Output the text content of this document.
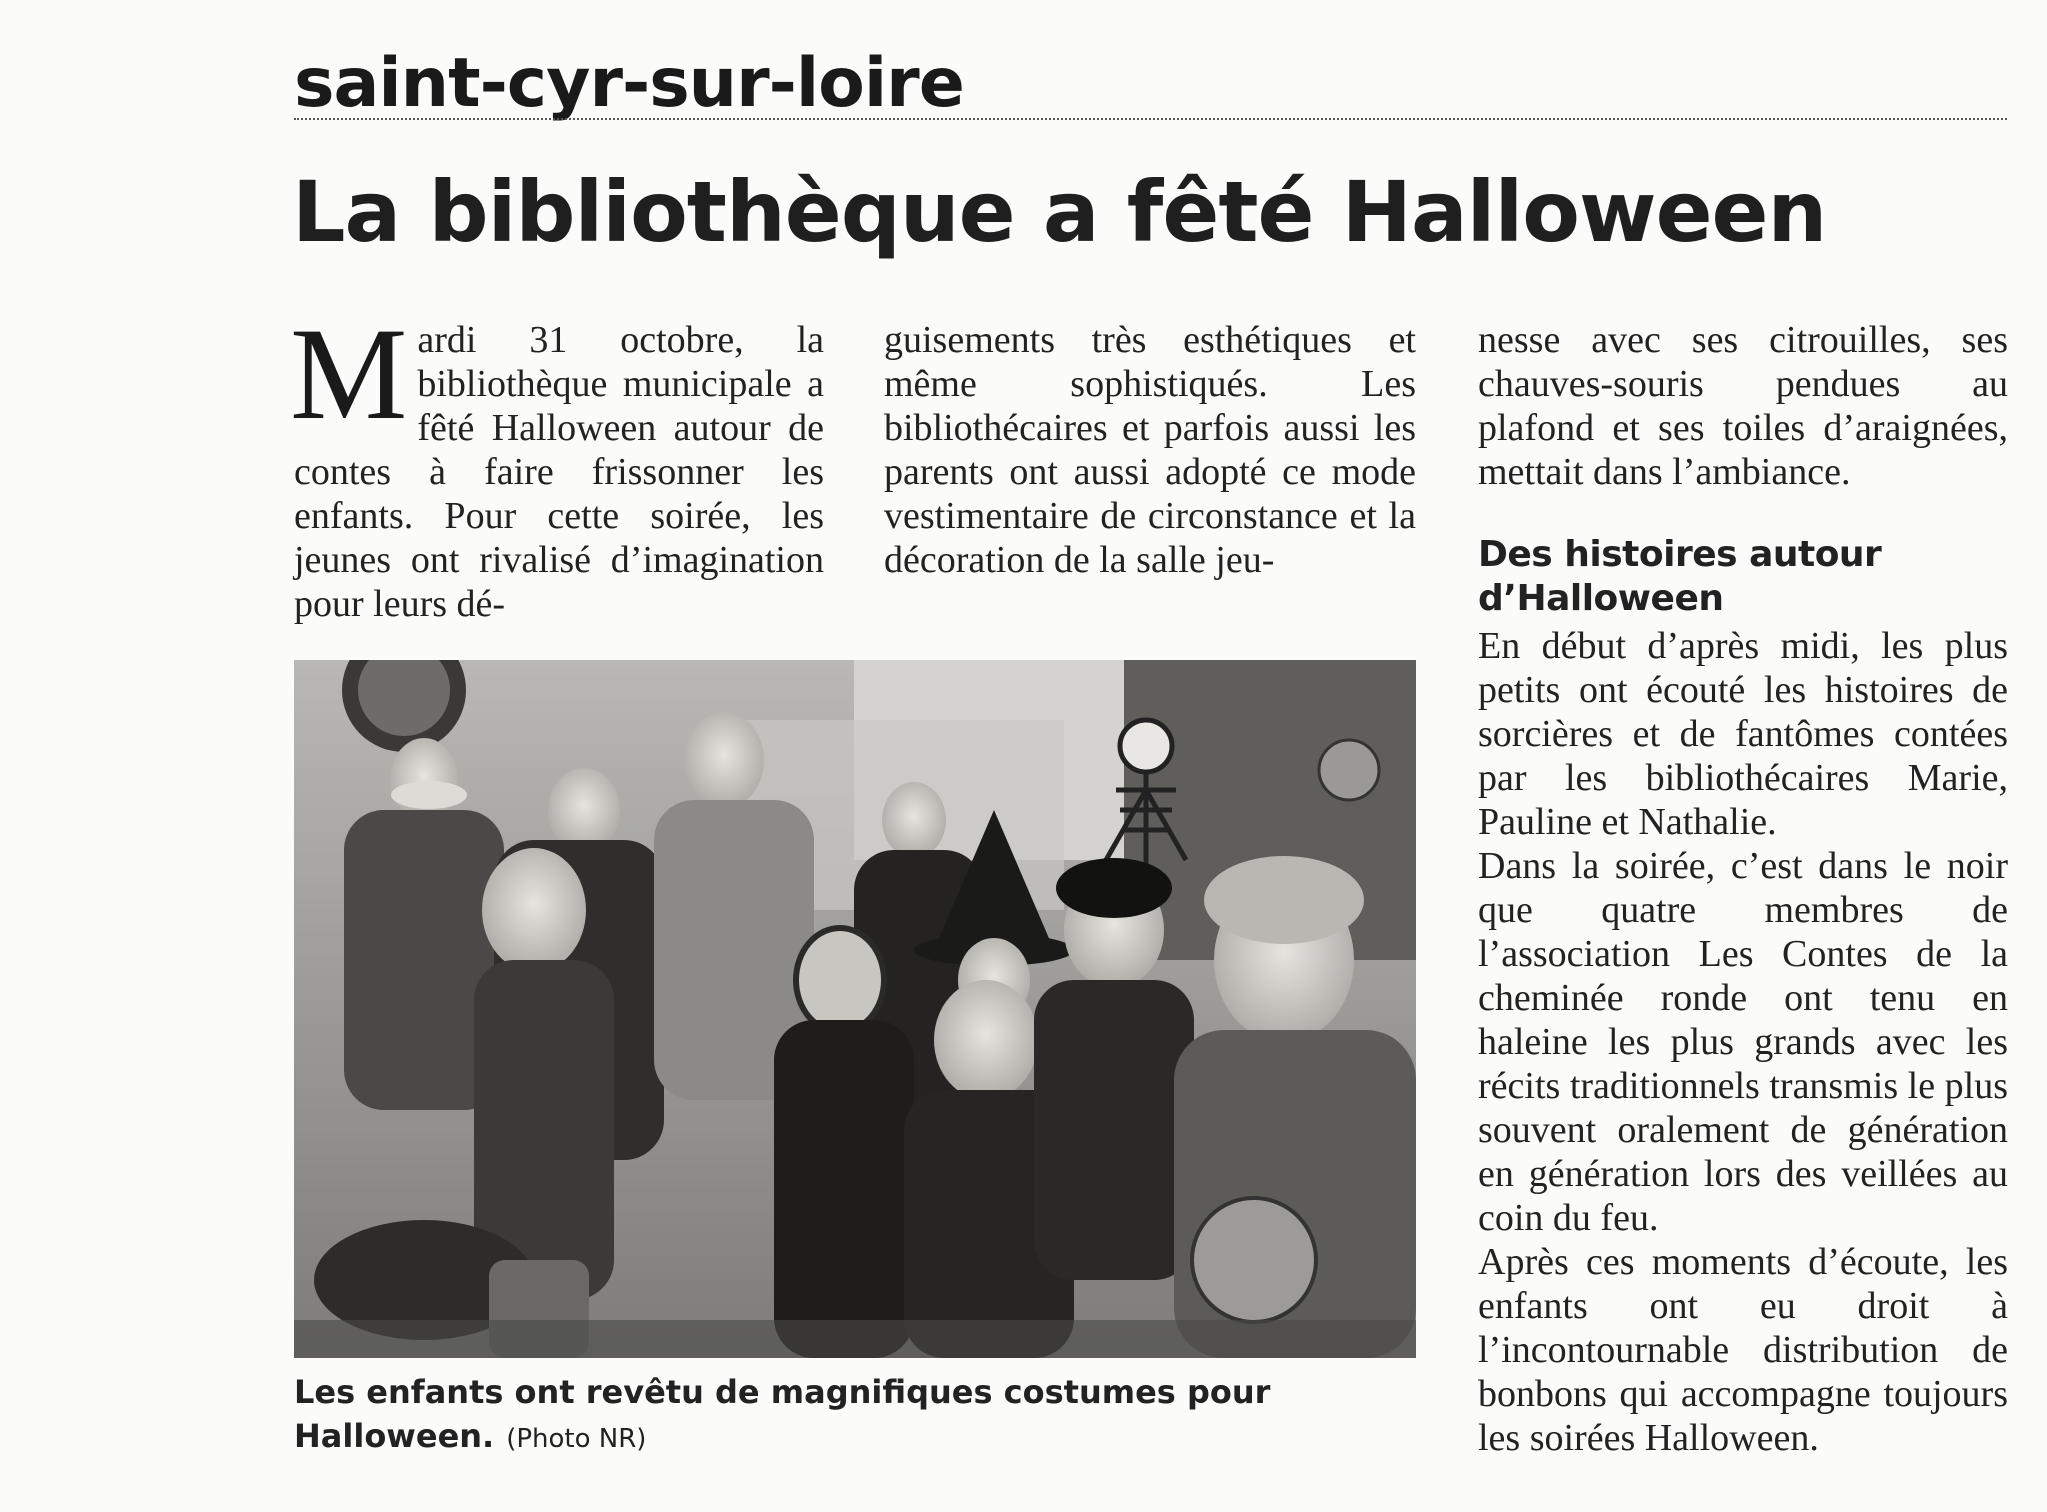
saint-cyr-sur-loire
La bibliothèque a fêté Halloween
Mardi 31 octobre, la bibliothèque municipale a fêté Halloween autour de contes à faire frissonner les enfants. Pour cette soirée, les jeunes ont rivalisé d’imagination pour leurs dé-
guisements très esthétiques et même sophistiqués. Les bibliothécaires et parfois aussi les parents ont aussi adopté ce mode vestimentaire de circonstance et la décoration de la salle jeu-
nesse avec ses citrouilles, ses chauves-souris pendues au plafond et ses toiles d’araignées, mettait dans l’ambiance.
Des histoires autour d’Halloween
En début d’après midi, les plus petits ont écouté les histoires de sorcières et de fantômes contées par les bibliothécaires Marie, Pauline et Nathalie.
Dans la soirée, c’est dans le noir que quatre membres de l’association Les Contes de la cheminée ronde ont tenu en haleine les plus grands avec les récits traditionnels transmis le plus souvent oralement de génération en génération lors des veillées au coin du feu.
Après ces moments d’écoute, les enfants ont eu droit à l’incontournable distribution de bonbons qui accompagne toujours les soirées Halloween.
Les enfants ont revêtu de magnifiques costumes pour Halloween. (Photo NR)
